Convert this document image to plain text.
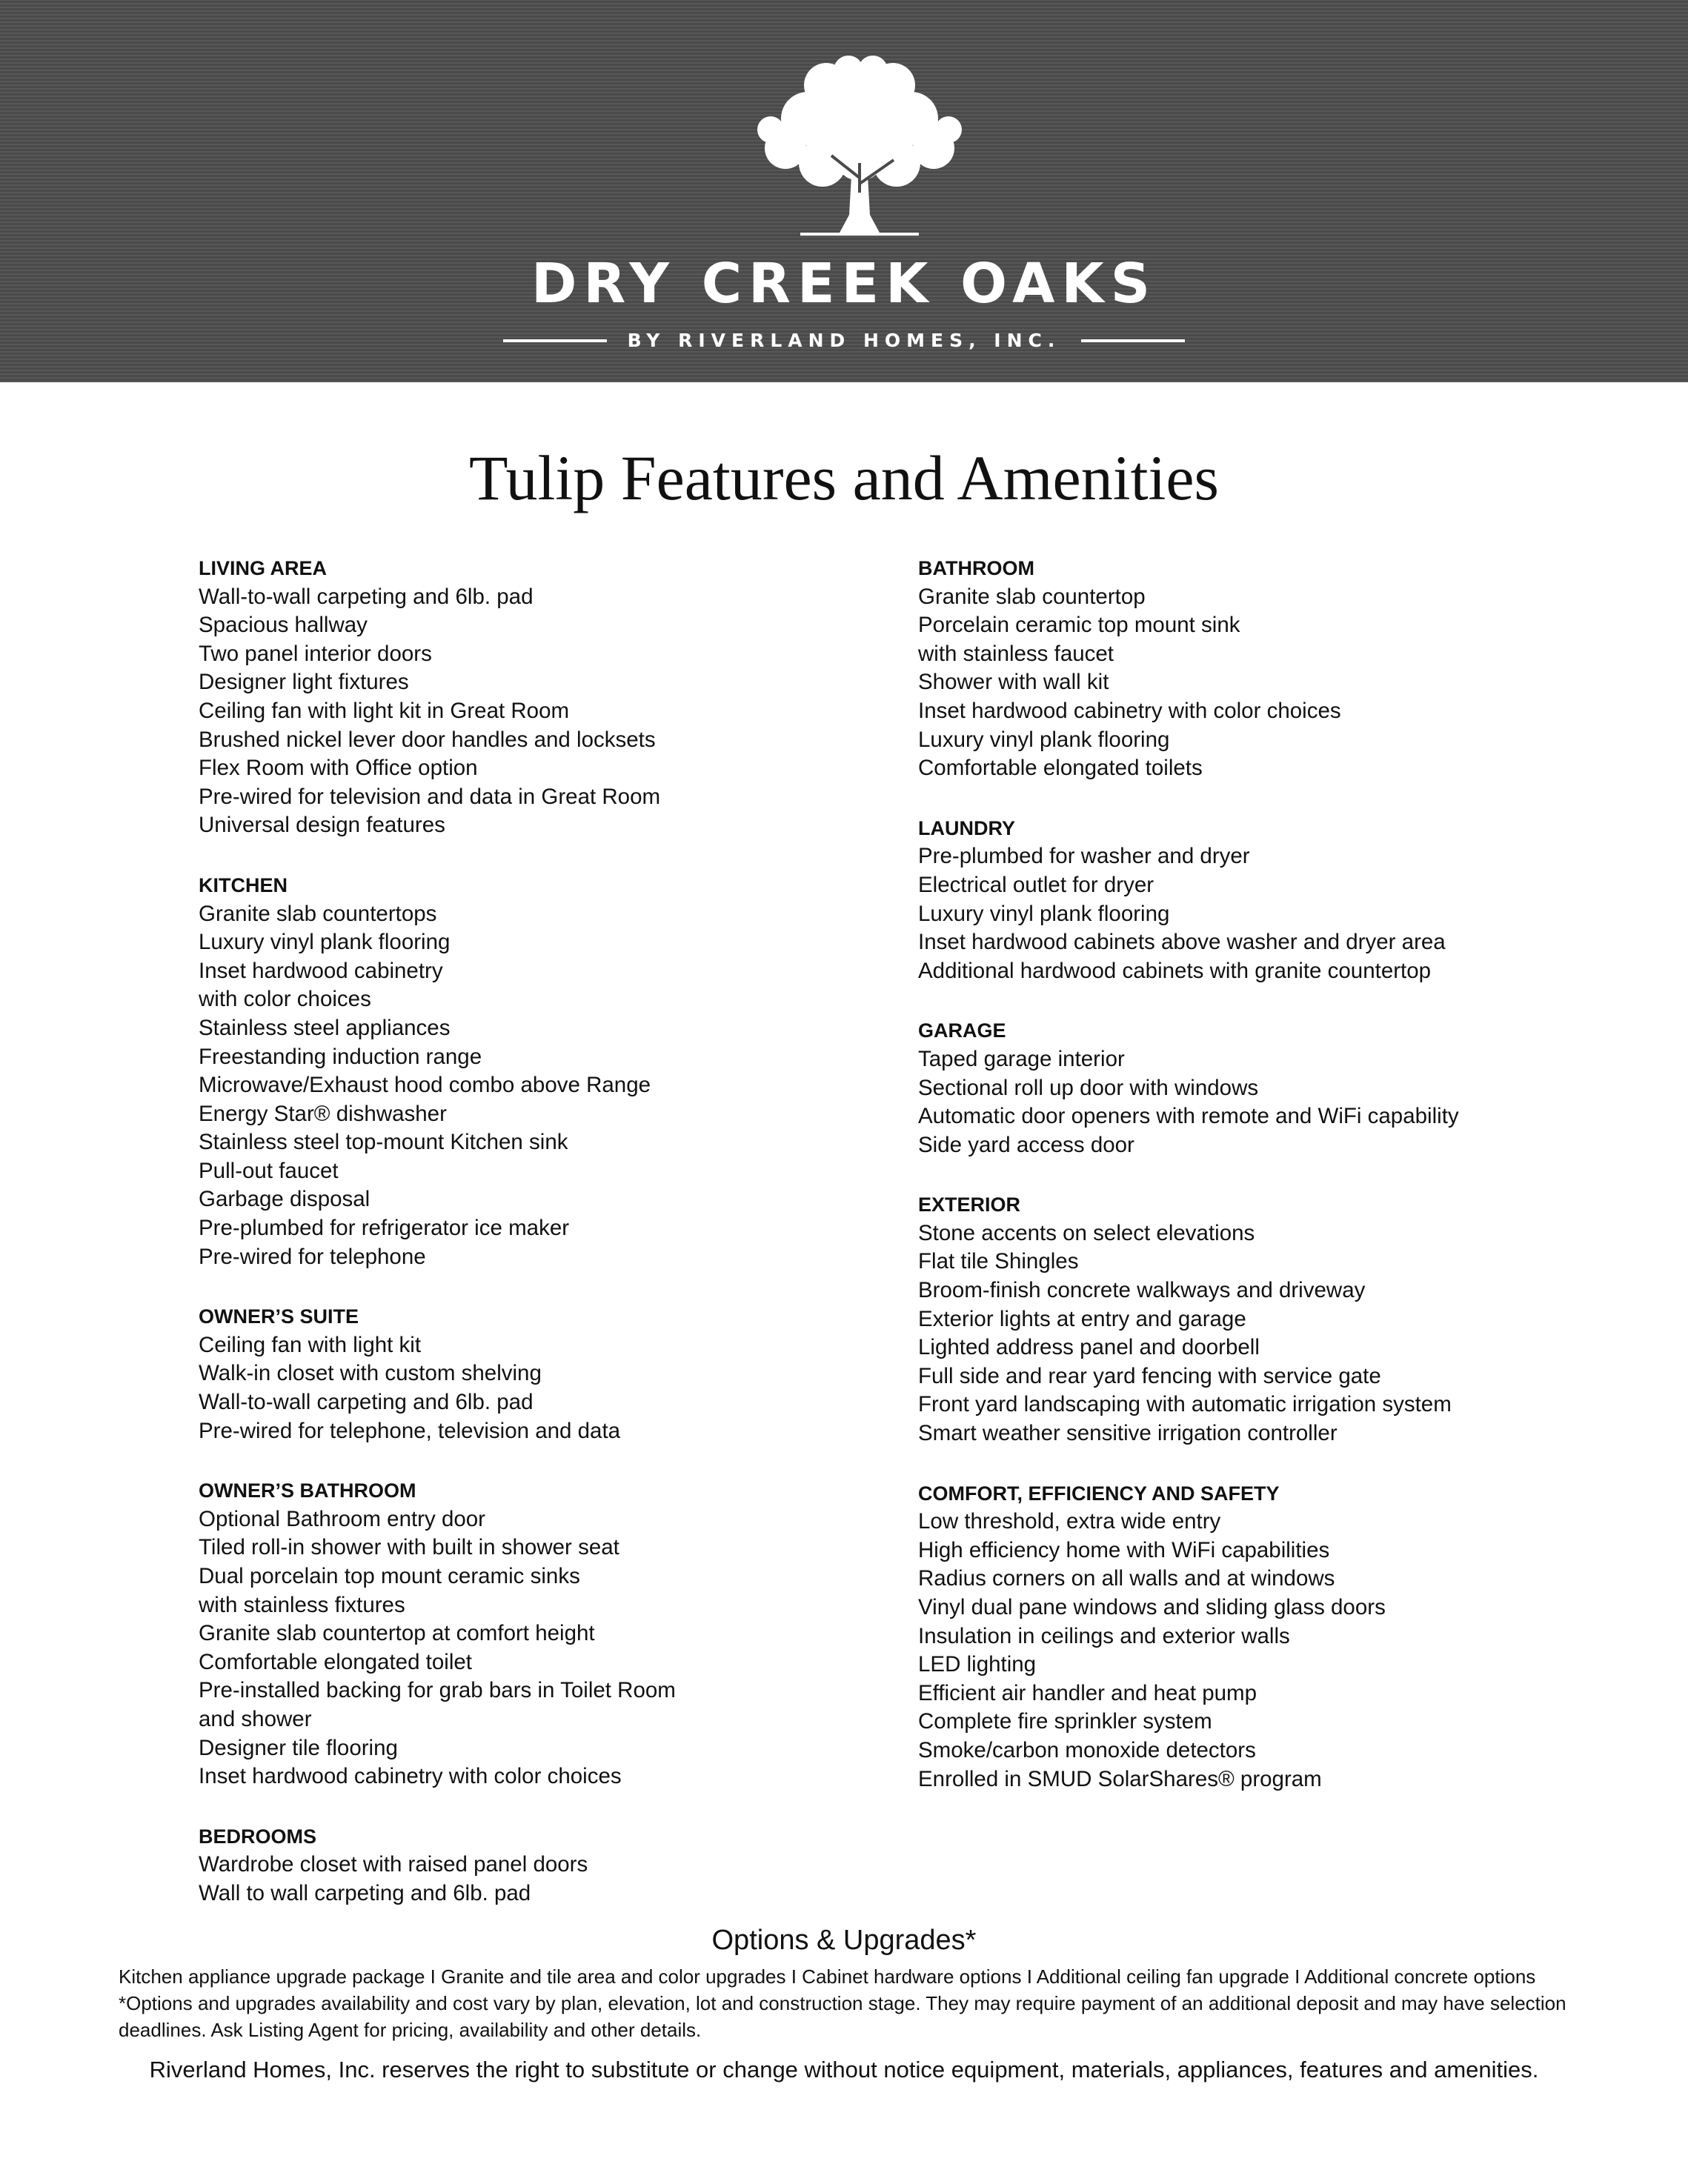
DRY CREEK OAKS
BY RIVERLAND HOMES, INC.
Tulip Features and Amenities
LIVING AREA
Wall-to-wall carpeting and 6lb. pad
Spacious hallway
Two panel interior doors
Designer light fixtures
Ceiling fan with light kit in Great Room
Brushed nickel lever door handles and locksets
Flex Room with Office option
Pre-wired for television and data in Great Room
Universal design features
KITCHEN
Granite slab countertops
Luxury vinyl plank flooring
Inset hardwood cabinetry
with color choices
Stainless steel appliances
Freestanding induction range
Microwave/Exhaust hood combo above Range
Energy Star® dishwasher
Stainless steel top-mount Kitchen sink
Pull-out faucet
Garbage disposal
Pre-plumbed for refrigerator ice maker
Pre-wired for telephone
OWNER’S SUITE
Ceiling fan with light kit
Walk-in closet with custom shelving
Wall-to-wall carpeting and 6lb. pad
Pre-wired for telephone, television and data
OWNER’S BATHROOM
Optional Bathroom entry door
Tiled roll-in shower with built in shower seat
Dual porcelain top mount ceramic sinks
with stainless fixtures
Granite slab countertop at comfort height
Comfortable elongated toilet
Pre-installed backing for grab bars in Toilet Room
and shower
Designer tile flooring
Inset hardwood cabinetry with color choices
BEDROOMS
Wardrobe closet with raised panel doors
Wall to wall carpeting and 6lb. pad
BATHROOM
Granite slab countertop
Porcelain ceramic top mount sink
with stainless faucet
Shower with wall kit
Inset hardwood cabinetry with color choices
Luxury vinyl plank flooring
Comfortable elongated toilets
LAUNDRY
Pre-plumbed for washer and dryer
Electrical outlet for dryer
Luxury vinyl plank flooring
Inset hardwood cabinets above washer and dryer area
Additional hardwood cabinets with granite countertop
GARAGE
Taped garage interior
Sectional roll up door with windows
Automatic door openers with remote and WiFi capability
Side yard access door
EXTERIOR
Stone accents on select elevations
Flat tile Shingles
Broom-finish concrete walkways and driveway
Exterior lights at entry and garage
Lighted address panel and doorbell
Full side and rear yard fencing with service gate
Front yard landscaping with automatic irrigation system
Smart weather sensitive irrigation controller
COMFORT, EFFICIENCY AND SAFETY
Low threshold, extra wide entry
High efficiency home with WiFi capabilities
Radius corners on all walls and at windows
Vinyl dual pane windows and sliding glass doors
Insulation in ceilings and exterior walls
LED lighting
Efficient air handler and heat pump
Complete fire sprinkler system
Smoke/carbon monoxide detectors
Enrolled in SMUD SolarShares® program
Options & Upgrades*
Kitchen appliance upgrade package I Granite and tile area and color upgrades I Cabinet hardware options I Additional ceiling fan upgrade I Additional concrete options
*Options and upgrades availability and cost vary by plan, elevation, lot and construction stage. They may require payment of an additional deposit and may have selection deadlines. Ask Listing Agent for pricing, availability and other details.
Riverland Homes, Inc. reserves the right to substitute or change without notice equipment, materials, appliances, features and amenities.
